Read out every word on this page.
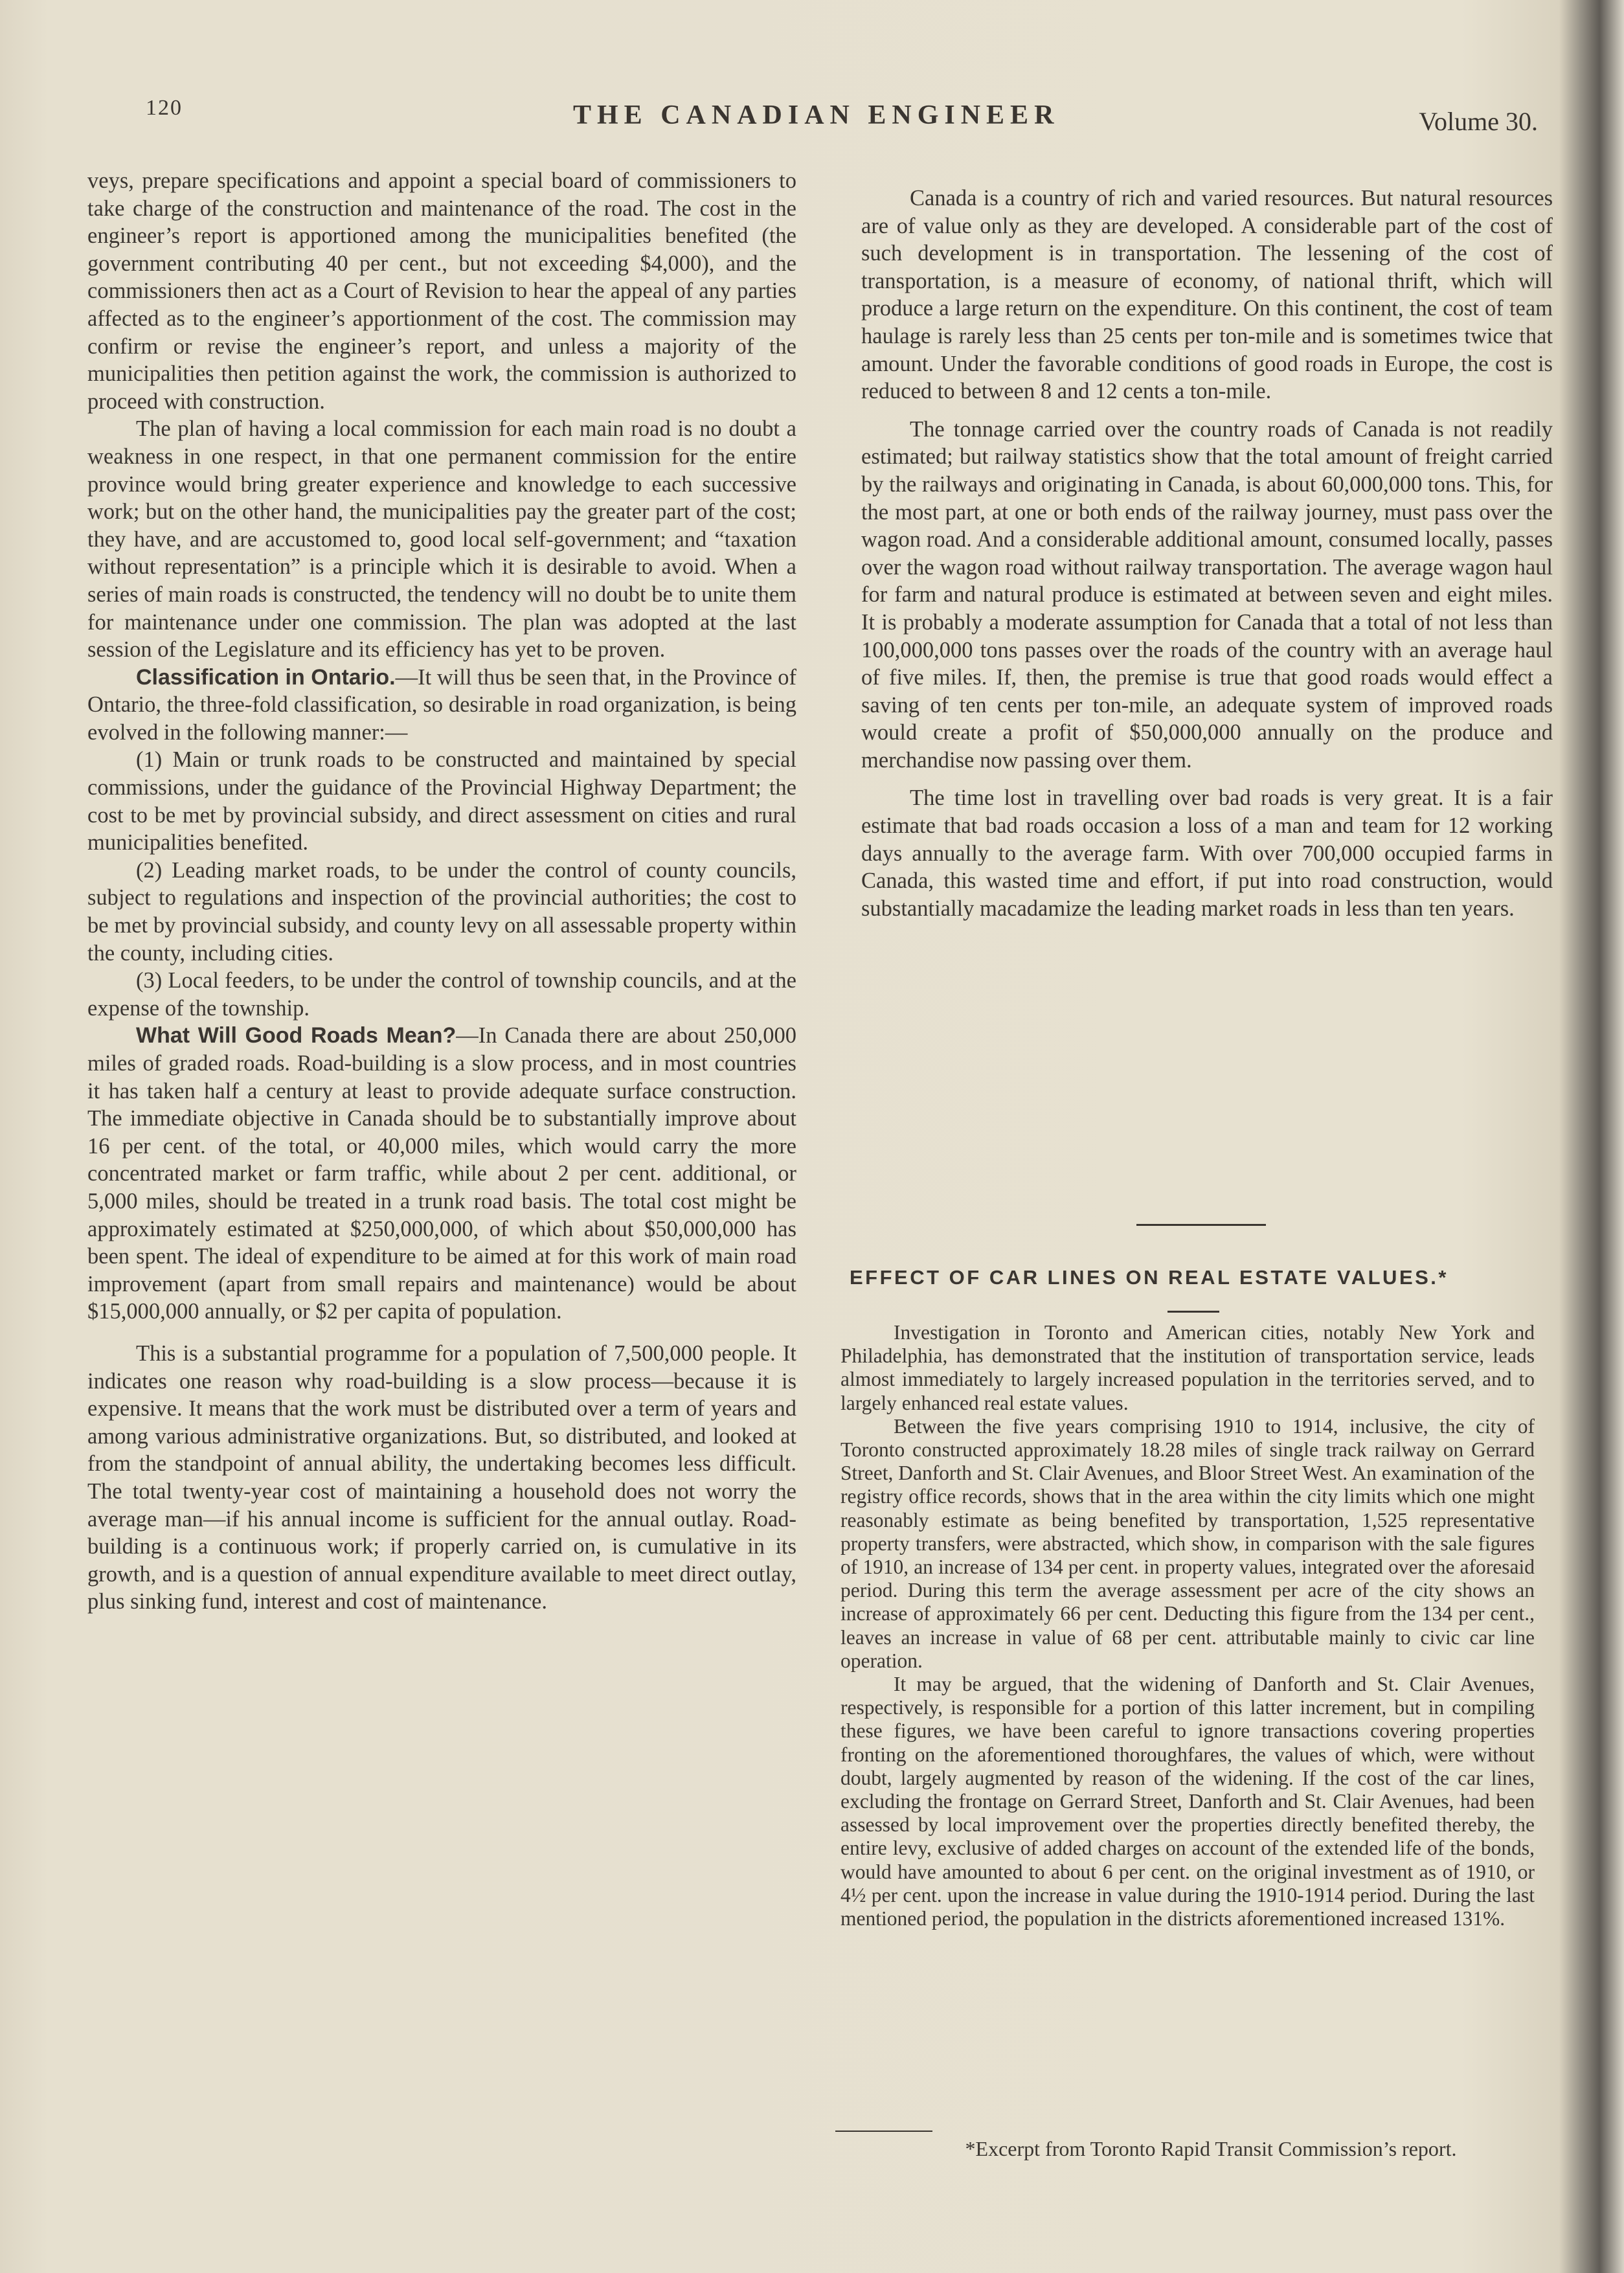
120	THE CANADIAN ENGINEER	Volume 30.

veys, prepare specifications and appoint a special board of commissioners to take charge of the construction and maintenance of the road. The cost in the engineer’s report is apportioned among the municipalities benefited (the government contributing 40 per cent., but not exceeding $4,000), and the commissioners then act as a Court of Revision to hear the appeal of any parties affected as to the engineer’s apportionment of the cost. The commission may confirm or revise the engineer’s report, and unless a majority of the municipalities then petition against the work, the commission is authorized to proceed with construction.

The plan of having a local commission for each main road is no doubt a weakness in one respect, in that one permanent commission for the entire province would bring greater experience and knowledge to each successive work; but on the other hand, the municipalities pay the greater part of the cost; they have, and are accustomed to, good local self-government; and “taxation without representation” is a principle which it is desirable to avoid. When a series of main roads is constructed, the tendency will no doubt be to unite them for maintenance under one commission. The plan was adopted at the last session of the Legislature and its efficiency has yet to be proven.

Classification in Ontario.—It will thus be seen that, in the Province of Ontario, the three-fold classification, so desirable in road organization, is being evolved in the following manner:—

(1) Main or trunk roads to be constructed and maintained by special commissions, under the guidance of the Provincial Highway Department; the cost to be met by provincial subsidy, and direct assessment on cities and rural municipalities benefited.

(2) Leading market roads, to be under the control of county councils, subject to regulations and inspection of the provincial authorities; the cost to be met by provincial subsidy, and county levy on all assessable property within the county, including cities.

(3) Local feeders, to be under the control of township councils, and at the expense of the township.

What Will Good Roads Mean?—In Canada there are about 250,000 miles of graded roads. Road-building is a slow process, and in most countries it has taken half a century at least to provide adequate surface construction. The immediate objective in Canada should be to substantially improve about 16 per cent. of the total, or 40,000 miles, which would carry the more concentrated market or farm traffic, while about 2 per cent. additional, or 5,000 miles, should be treated in a trunk road basis. The total cost might be approximately estimated at $250,000,000, of which about $50,000,000 has been spent. The ideal of expenditure to be aimed at for this work of main road improvement (apart from small repairs and maintenance) would be about $15,000,000 annually, or $2 per capita of population.

This is a substantial programme for a population of 7,500,000 people. It indicates one reason why road-building is a slow process—because it is expensive. It means that the work must be distributed over a term of years and among various administrative organizations. But, so distributed, and looked at from the standpoint of annual ability, the undertaking becomes less difficult. The total twenty-year cost of maintaining a household does not worry the average man—if his annual income is sufficient for the annual outlay. Road-building is a continuous work; if properly carried on, is cumulative in its growth, and is a question of annual expenditure available to meet direct outlay, plus sinking fund, interest and cost of maintenance.

Canada is a country of rich and varied resources. But natural resources are of value only as they are developed. A considerable part of the cost of such development is in transportation. The lessening of the cost of transportation, is a measure of economy, of national thrift, which will produce a large return on the expenditure. On this continent, the cost of team haulage is rarely less than 25 cents per ton-mile and is sometimes twice that amount. Under the favorable conditions of good roads in Europe, the cost is reduced to between 8 and 12 cents a ton-mile.

The tonnage carried over the country roads of Canada is not readily estimated; but railway statistics show that the total amount of freight carried by the railways and originating in Canada, is about 60,000,000 tons. This, for the most part, at one or both ends of the railway journey, must pass over the wagon road. And a considerable additional amount, consumed locally, passes over the wagon road without railway transportation. The average wagon haul for farm and natural produce is estimated at between seven and eight miles. It is probably a moderate assumption for Canada that a total of not less than 100,000,000 tons passes over the roads of the country with an average haul of five miles. If, then, the premise is true that good roads would effect a saving of ten cents per ton-mile, an adequate system of improved roads would create a profit of $50,000,000 annually on the produce and merchandise now passing over them.

The time lost in travelling over bad roads is very great. It is a fair estimate that bad roads occasion a loss of a man and team for 12 working days annually to the average farm. With over 700,000 occupied farms in Canada, this wasted time and effort, if put into road construction, would substantially macadamize the leading market roads in less than ten years.

EFFECT OF CAR LINES ON REAL ESTATE VALUES.*

Investigation in Toronto and American cities, notably New York and Philadelphia, has demonstrated that the institution of transportation service, leads almost immediately to largely increased population in the territories served, and to largely enhanced real estate values.

Between the five years comprising 1910 to 1914, inclusive, the city of Toronto constructed approximately 18.28 miles of single track railway on Gerrard Street, Danforth and St. Clair Avenues, and Bloor Street West. An examination of the registry office records, shows that in the area within the city limits which one might reasonably estimate as being benefited by transportation, 1,525 representative property transfers, were abstracted, which show, in comparison with the sale figures of 1910, an increase of 134 per cent. in property values, integrated over the aforesaid period. During this term the average assessment per acre of the city shows an increase of approximately 66 per cent. Deducting this figure from the 134 per cent., leaves an increase in value of 68 per cent. attributable mainly to civic car line operation.

It may be argued, that the widening of Danforth and St. Clair Avenues, respectively, is responsible for a portion of this latter increment, but in compiling these figures, we have been careful to ignore transactions covering properties fronting on the aforementioned thoroughfares, the values of which, were without doubt, largely augmented by reason of the widening. If the cost of the car lines, excluding the frontage on Gerrard Street, Danforth and St. Clair Avenues, had been assessed by local improvement over the properties directly benefited thereby, the entire levy, exclusive of added charges on account of the extended life of the bonds, would have amounted to about 6 per cent. on the original investment as of 1910, or 4½ per cent. upon the increase in value during the 1910-1914 period. During the last mentioned period, the population in the districts aforementioned increased 131%.

*Excerpt from Toronto Rapid Transit Commission’s report.
